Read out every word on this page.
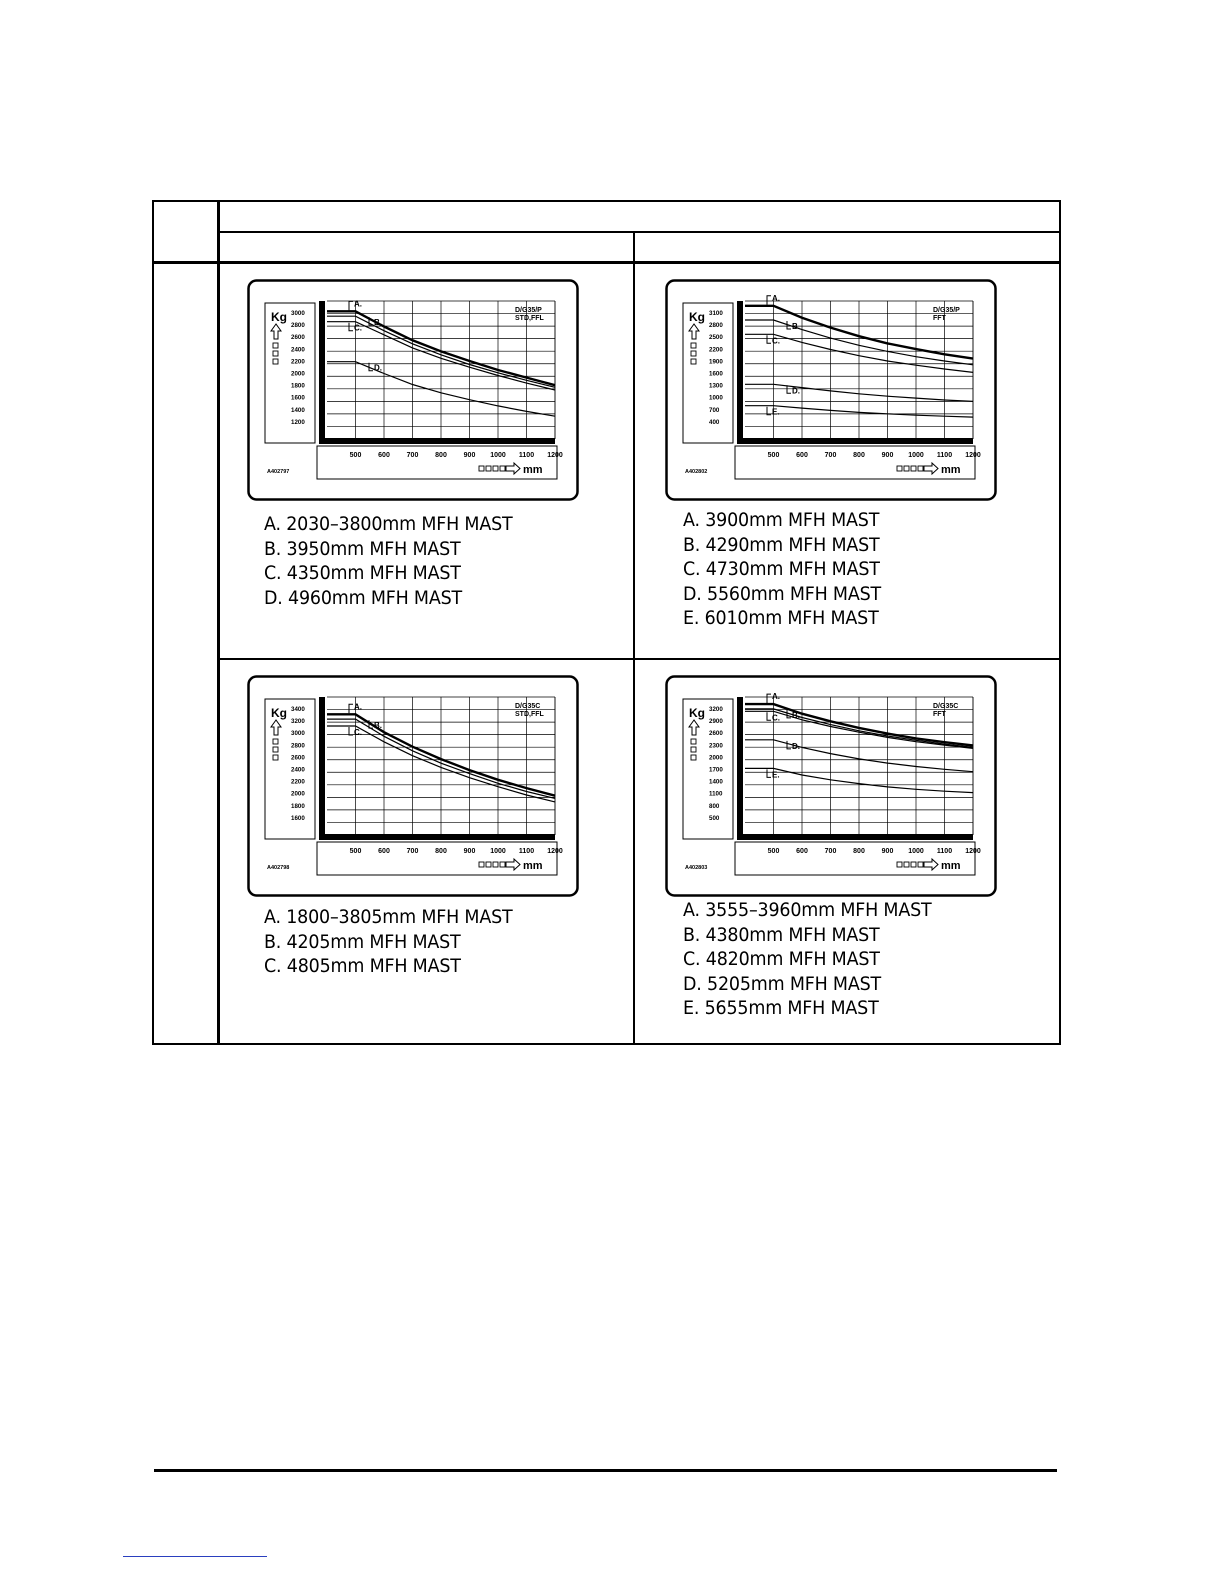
Kg 3000
2800
2600
2400
2200
2000
1800
1600
1400
1200
500 600 700 800 900 1000 1100 1200
mm
A402797
D/G35/P
STD,FFL
A.
B.
C.
D.
A. 2030–3800mm MFH MAST
B. 3950mm MFH MAST
C. 4350mm MFH MAST
D. 4960mm MFH MAST
Kg 3100
2800
2500
2200
1900
1600
1300
1000
700
400
500 600 700 800 900 1000 1100 1200
mm
A402802
D/G35/P
FFT
A.
B.
C.
D.
E.
A. 3900mm MFH MAST
B. 4290mm MFH MAST
C. 4730mm MFH MAST
D. 5560mm MFH MAST
E. 6010mm MFH MAST
Kg 3400
3200
3000
2800
2600
2400
2200
2000
1800
1600
500 600 700 800 900 1000 1100 1200
mm
A402798
D/G35C
STD,FFL
A.
B.
C.
A. 1800–3805mm MFH MAST
B. 4205mm MFH MAST
C. 4805mm MFH MAST
Kg 3200
2900
2600
2300
2000
1700
1400
1100
800
500
500 600 700 800 900 1000 1100 1200
mm
A402803
D/G35C
FFT
A.
B.
C.
D.
E.
A. 3555–3960mm MFH MAST
B. 4380mm MFH MAST
C. 4820mm MFH MAST
D. 5205mm MFH MAST
E. 5655mm MFH MAST
